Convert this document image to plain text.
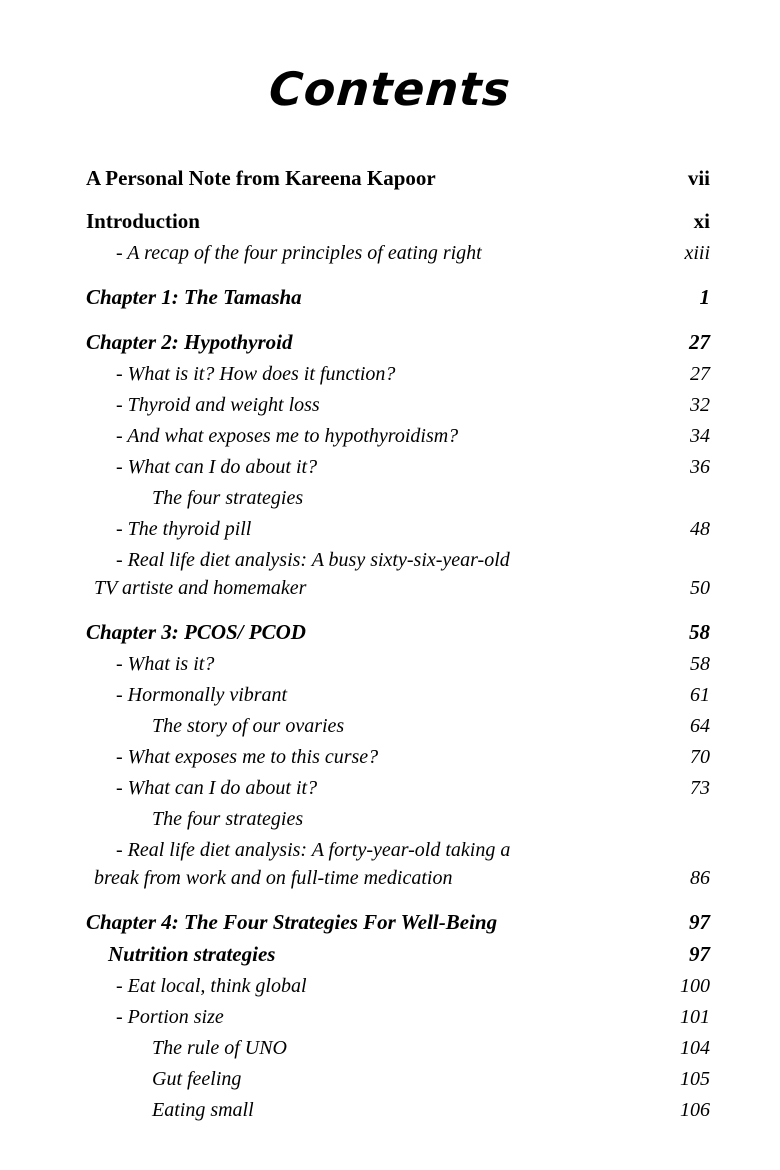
Contents
A Personal Note from Kareena Kapoor	vii
Introduction	xi
- A recap of the four principles of eating right	xiii
Chapter 1: The Tamasha	1
Chapter 2: Hypothyroid	27
- What is it? How does it function?	27
- Thyroid and weight loss	32
- And what exposes me to hypothyroidism?	34
- What can I do about it?	36
The four strategies
- The thyroid pill	48
- Real life diet analysis: A busy sixty-six-year-old
TV artiste and homemaker	50
Chapter 3: PCOS/ PCOD	58
- What is it?	58
- Hormonally vibrant	61
The story of our ovaries	64
- What exposes me to this curse?	70
- What can I do about it?	73
The four strategies
- Real life diet analysis: A forty-year-old taking a
break from work and on full-time medication	86
Chapter 4: The Four Strategies For Well-Being	97
Nutrition strategies	97
- Eat local, think global	100
- Portion size	101
The rule of UNO	104
Gut feeling	105
Eating small	106
